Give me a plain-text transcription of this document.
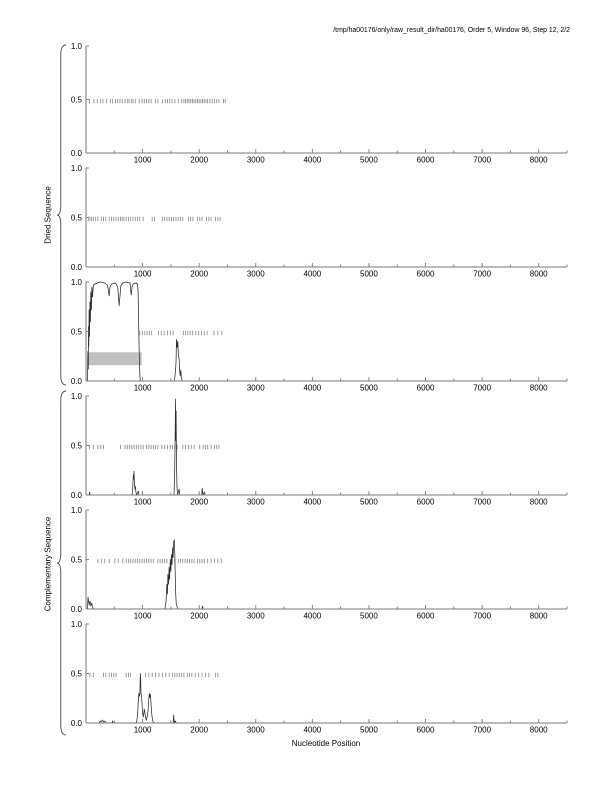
/tmp/ha00176/only/raw_result_dir/ha00176, Order 5, Window 96, Step 12, 2/2
Dried Sequence
Complementary Sequence
Nucleotide Position
1000	2000	3000	4000	5000	6000	7000	8000
0.0
0.5
1.0
1000	2000	3000	4000	5000	6000	7000	8000
0.0
0.5
1.0
1000	2000	3000	4000	5000	6000	7000	8000
0.0
0.5
1.0
1000	2000	3000	4000	5000	6000	7000	8000
0.0
0.5
1.0
1000	2000	3000	4000	5000	6000	7000	8000
0.0
0.5
1.0
1000	2000	3000	4000	5000	6000	7000	8000
0.0
0.5
1.0
